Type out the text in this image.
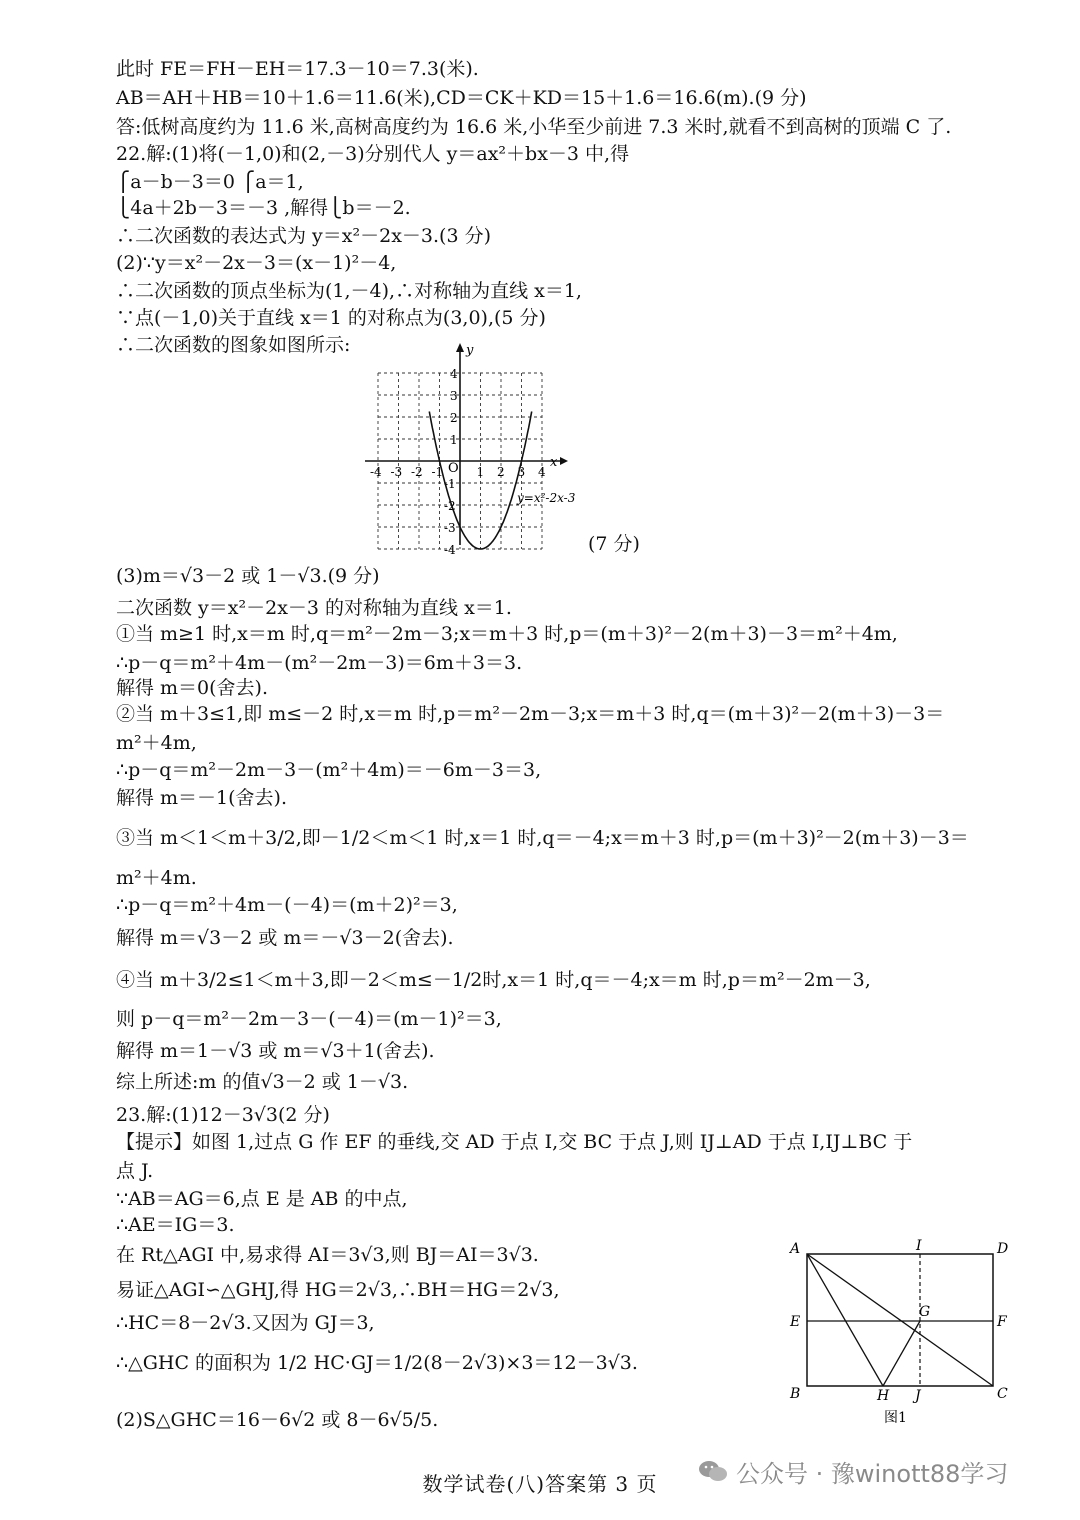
此时 FE＝FH－EH＝17.3－10＝7.3(米).
AB＝AH＋HB＝10＋1.6＝11.6(米),CD＝CK＋KD＝15＋1.6＝16.6(m).(9 分)
答:低树高度约为 11.6 米,高树高度约为 16.6 米,小华至少前进 7.3 米时,就看不到高树的顶端 C 了.
22.解:(1)将(－1,0)和(2,－3)分别代人 y＝ax²＋bx－3 中,得
⎧a－b－3＝0 ⎧a＝1,
⎩4a＋2b－3＝－3 ,解得⎩b＝－2.
∴二次函数的表达式为 y＝x²－2x－3.(3 分)
(2)∵y＝x²－2x－3＝(x－1)²－4,
∴二次函数的顶点坐标为(1,－4),∴对称轴为直线 x＝1,
∵点(－1,0)关于直线 x＝1 的对称点为(3,0),(5 分)
∴二次函数的图象如图所示:
x
y
O
-4 -3 -2 -1	1 2 3 4
4
3
2
1
-1
-2
-3
-4
y=x²-2x-3
(7 分)
(3)m＝√3－2 或 1－√3.(9 分)
二次函数 y＝x²－2x－3 的对称轴为直线 x＝1.
①当 m≥1 时,x＝m 时,q＝m²－2m－3;x＝m＋3 时,p＝(m＋3)²－2(m＋3)－3＝m²＋4m,
∴p－q＝m²＋4m－(m²－2m－3)＝6m＋3＝3.
解得 m＝0(舍去).
②当 m＋3≤1,即 m≤－2 时,x＝m 时,p＝m²－2m－3;x＝m＋3 时,q＝(m＋3)²－2(m＋3)－3＝
m²＋4m,
∴p－q＝m²－2m－3－(m²＋4m)＝－6m－3＝3,
解得 m＝－1(舍去).
③当 m＜1＜m＋3/2,即－1/2＜m＜1 时,x＝1 时,q＝－4;x＝m＋3 时,p＝(m＋3)²－2(m＋3)－3＝
m²＋4m.
∴p－q＝m²＋4m－(－4)＝(m＋2)²＝3,
解得 m＝√3－2 或 m＝－√3－2(舍去).
④当 m＋3/2≤1＜m＋3,即－2＜m≤－1/2时,x＝1 时,q＝－4;x＝m 时,p＝m²－2m－3,
则 p－q＝m²－2m－3－(－4)＝(m－1)²＝3,
解得 m＝1－√3 或 m＝√3＋1(舍去).
综上所述:m 的值√3－2 或 1－√3.
23.解:(1)12－3√3(2 分)
【提示】如图 1,过点 G 作 EF 的垂线,交 AD 于点 I,交 BC 于点 J,则 IJ⊥AD 于点 I,IJ⊥BC 于
点 J.
∵AB＝AG＝6,点 E 是 AB 的中点,
∴AE＝IG＝3.
在 Rt△AGI 中,易求得 AI＝3√3,则 BJ＝AI＝3√3.
易证△AGI∽△GHJ,得 HG＝2√3,∴BH＝HG＝2√3,
∴HC＝8－2√3.又因为 GJ＝3,
∴△GHC 的面积为 1/2 HC·GJ＝1/2(8－2√3)×3＝12－3√3.
(2)S△GHC＝16－6√2 或 8－6√5/5.
A	I	D
E
G
F
B	H J	C
图1
公众号 · 豫winott88学习
数学试卷(八)答案第 3 页
